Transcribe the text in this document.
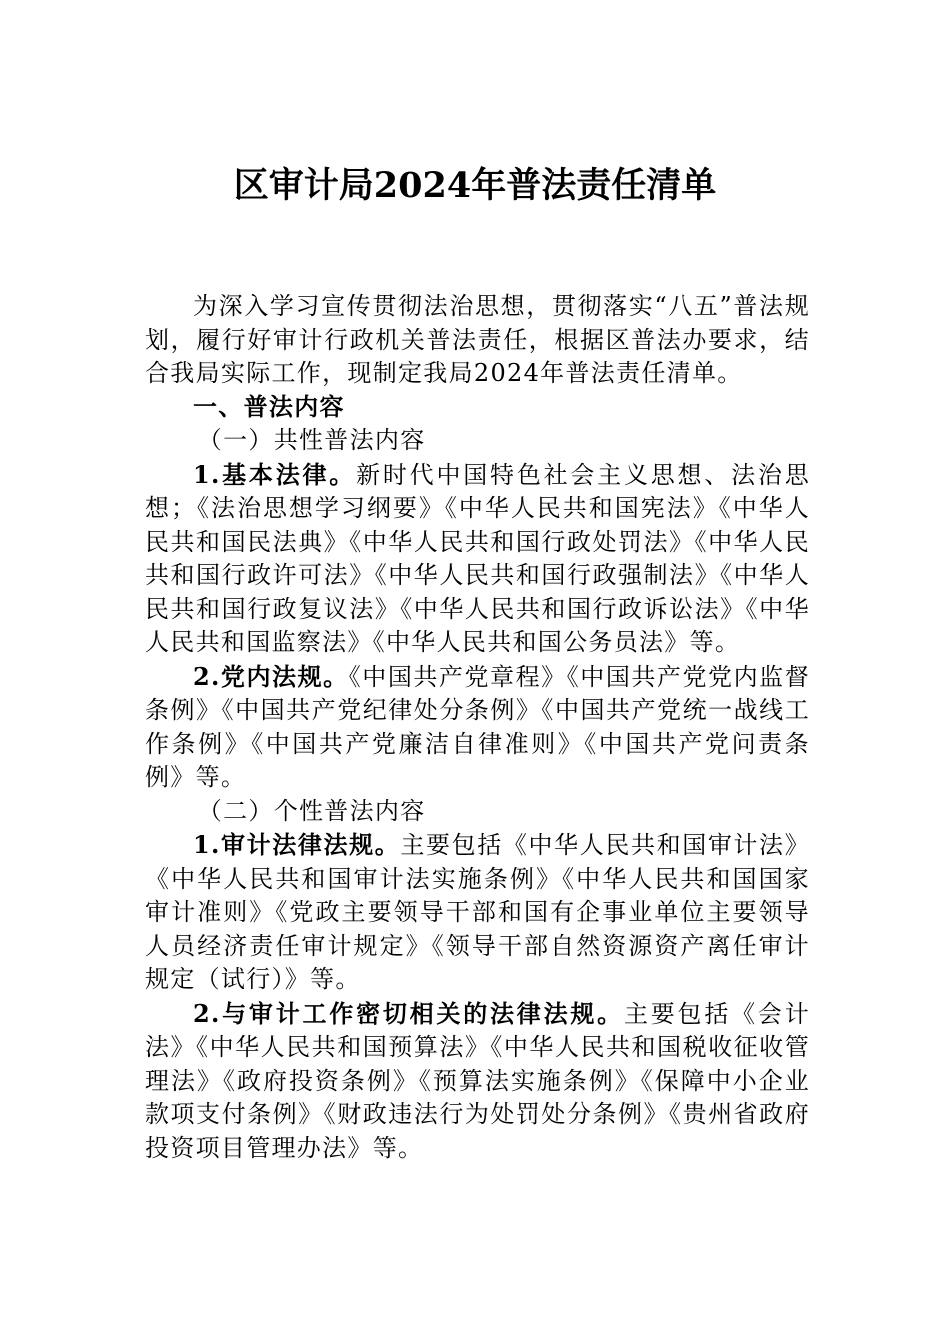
区审计局2024年普法责任清单

为深入学习宣传贯彻法治思想，贯彻落实“八五”普法规划，履行好审计行政机关普法责任，根据区普法办要求，结合我局实际工作，现制定我局2024年普法责任清单。

一、普法内容

（一）共性普法内容

1.基本法律。新时代中国特色社会主义思想、法治思想；《法治思想学习纲要》《中华人民共和国宪法》《中华人民共和国民法典》《中华人民共和国行政处罚法》《中华人民共和国行政许可法》《中华人民共和国行政强制法》《中华人民共和国行政复议法》《中华人民共和国行政诉讼法》《中华人民共和国监察法》《中华人民共和国公务员法》等。

2.党内法规。《中国共产党章程》《中国共产党党内监督条例》《中国共产党纪律处分条例》《中国共产党统一战线工作条例》《中国共产党廉洁自律准则》《中国共产党问责条例》等。

（二）个性普法内容

1.审计法律法规。主要包括《中华人民共和国审计法》《中华人民共和国审计法实施条例》《中华人民共和国国家审计准则》《党政主要领导干部和国有企事业单位主要领导人员经济责任审计规定》《领导干部自然资源资产离任审计规定（试行）》等。

2.与审计工作密切相关的法律法规。主要包括《会计法》《中华人民共和国预算法》《中华人民共和国税收征收管理法》《政府投资条例》《预算法实施条例》《保障中小企业款项支付条例》《财政违法行为处罚处分条例》《贵州省政府投资项目管理办法》等。
